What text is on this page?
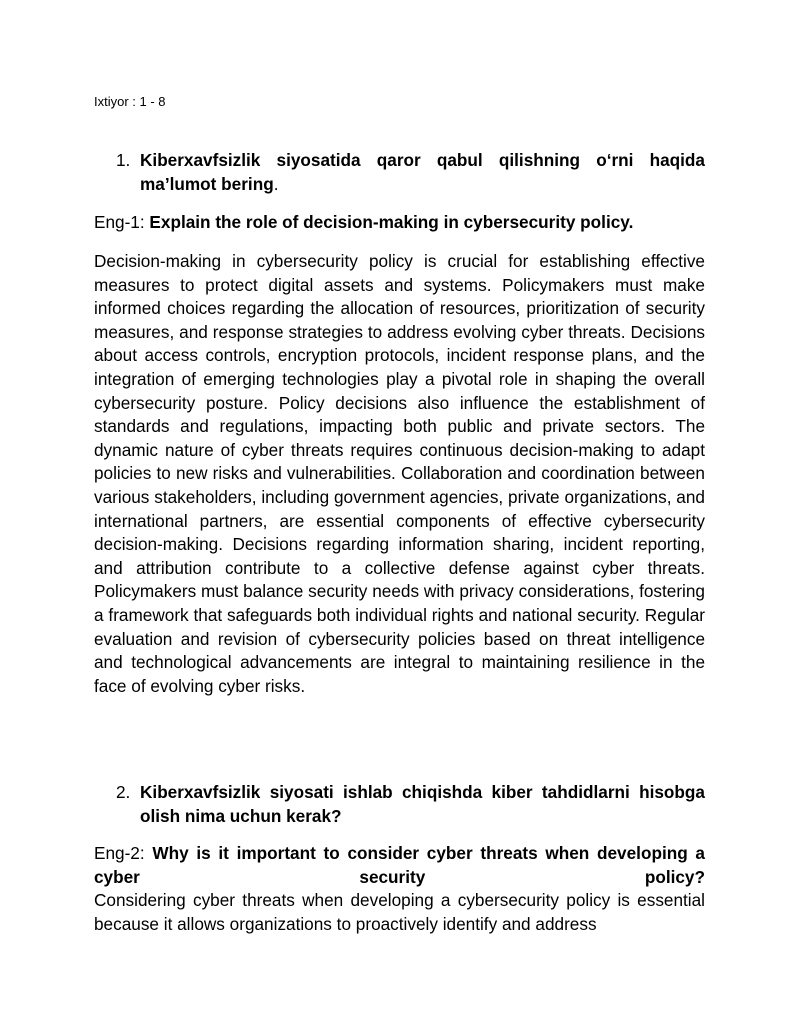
Ixtiyor : 1 - 8
1. Kiberxavfsizlik siyosatida qaror qabul qilishning o‘rni haqida ma’lumot bering.
Eng-1: Explain the role of decision-making in cybersecurity policy.
Decision-making in cybersecurity policy is crucial for establishing effective measures to protect digital assets and systems. Policymakers must make informed choices regarding the allocation of resources, prioritization of security measures, and response strategies to address evolving cyber threats. Decisions about access controls, encryption protocols, incident response plans, and the integration of emerging technologies play a pivotal role in shaping the overall cybersecurity posture. Policy decisions also influence the establishment of standards and regulations, impacting both public and private sectors. The dynamic nature of cyber threats requires continuous decision-making to adapt policies to new risks and vulnerabilities. Collaboration and coordination between various stakeholders, including government agencies, private organizations, and international partners, are essential components of effective cybersecurity decision-making. Decisions regarding information sharing, incident reporting, and attribution contribute to a collective defense against cyber threats. Policymakers must balance security needs with privacy considerations, fostering a framework that safeguards both individual rights and national security. Regular evaluation and revision of cybersecurity policies based on threat intelligence and technological advancements are integral to maintaining resilience in the face of evolving cyber risks.
2. Kiberxavfsizlik siyosati ishlab chiqishda kiber tahdidlarni hisobga olish nima uchun kerak?
Eng-2: Why is it important to consider cyber threats when developing a cyber security policy?
Considering cyber threats when developing a cybersecurity policy is essential because it allows organizations to proactively identify and address
